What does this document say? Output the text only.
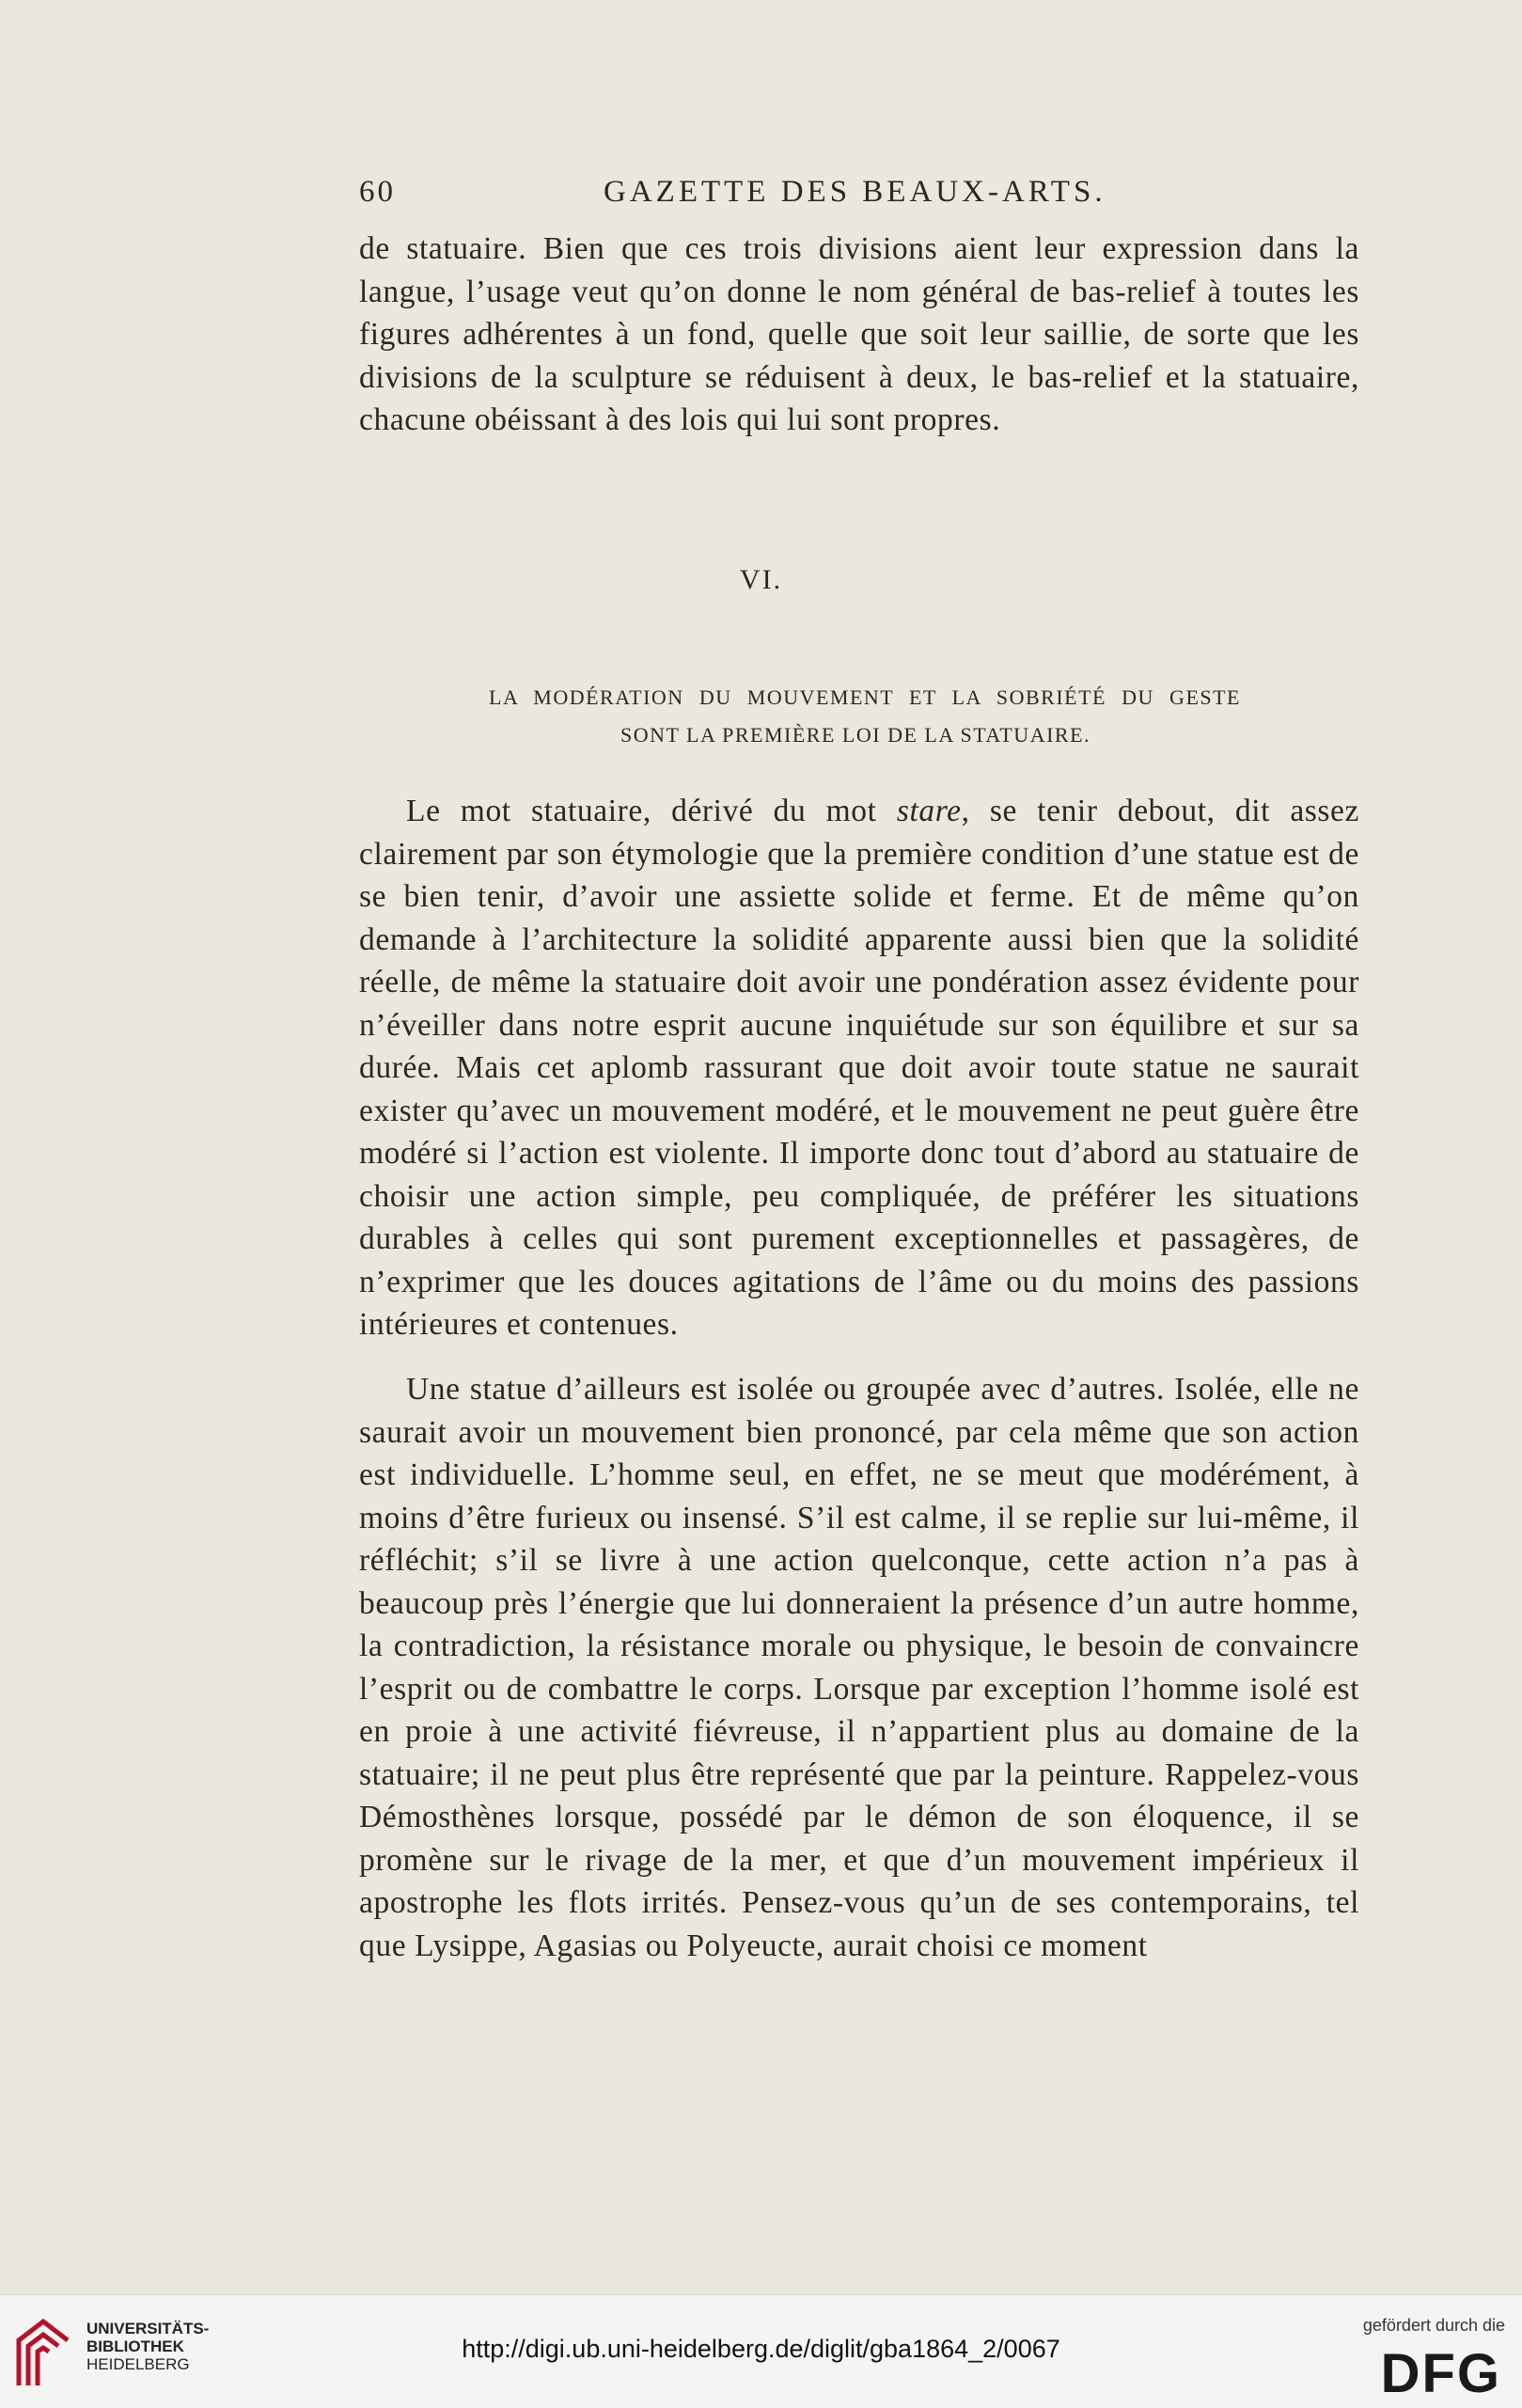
60	GAZETTE DES BEAUX-ARTS.

de statuaire. Bien que ces trois divisions aient leur expression dans la langue, l’usage veut qu’on donne le nom général de bas-relief à toutes les figures adhérentes à un fond, quelle que soit leur saillie, de sorte que les divisions de la sculpture se réduisent à deux, le bas-relief et la statuaire, chacune obéissant à des lois qui lui sont propres.

VI.
LA MODÉRATION DU MOUVEMENT ET LA SOBRIÉTÉ DU GESTE
SONT LA PREMIÈRE LOI DE LA STATUAIRE.

Le mot statuaire, dérivé du mot stare, se tenir debout, dit assez clairement par son étymologie que la première condition d’une statue est de se bien tenir, d’avoir une assiette solide et ferme. Et de même qu’on demande à l’architecture la solidité apparente aussi bien que la solidité réelle, de même la statuaire doit avoir une pondération assez évidente pour n’éveiller dans notre esprit aucune inquiétude sur son équilibre et sur sa durée. Mais cet aplomb rassurant que doit avoir toute statue ne saurait exister qu’avec un mouvement modéré, et le mouvement ne peut guère être modéré si l’action est violente. Il importe donc tout d’abord au statuaire de choisir une action simple, peu compliquée, de préférer les situations durables à celles qui sont purement exceptionnelles et passagères, de n’exprimer que les douces agitations de l’âme ou du moins des passions intérieures et contenues.

Une statue d’ailleurs est isolée ou groupée avec d’autres. Isolée, elle ne saurait avoir un mouvement bien prononcé, par cela même que son action est individuelle. L’homme seul, en effet, ne se meut que modérément, à moins d’être furieux ou insensé. S’il est calme, il se replie sur lui-même, il réfléchit; s’il se livre à une action quelconque, cette action n’a pas à beaucoup près l’énergie que lui donneraient la présence d’un autre homme, la contradiction, la résistance morale ou physique, le besoin de convaincre l’esprit ou de combattre le corps. Lorsque par exception l’homme isolé est en proie à une activité fiévreuse, il n’appartient plus au domaine de la statuaire; il ne peut plus être représenté que par la peinture. Rappelez-vous Démosthènes lorsque, possédé par le démon de son éloquence, il se promène sur le rivage de la mer, et que d’un mouvement impérieux il apostrophe les flots irrités. Pensez-vous qu’un de ses contemporains, tel que Lysippe, Agasias ou Polyeucte, aurait choisi ce moment

UNIVERSITÄTS-
BIBLIOTHEK
HEIDELBERG
http://digi.ub.uni-heidelberg.de/diglit/gba1864_2/0067
gefördert durch die
DFG
